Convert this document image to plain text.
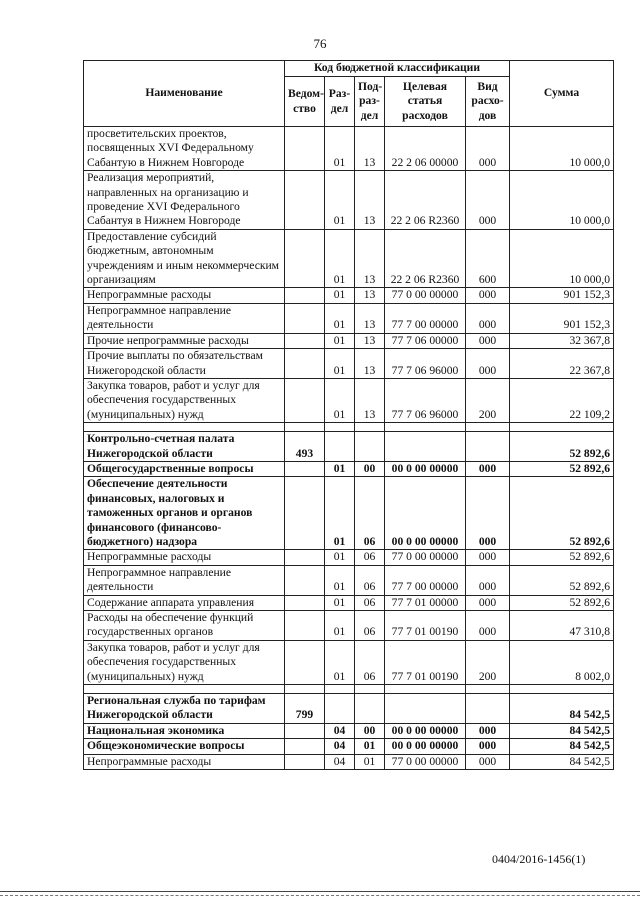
76
Наименование	Код бюджетной классификации					Сумма
	Ведом-ство	Раз-дел	Под-раз-дел	Целевая статья расходов	Вид расхо-дов	
просветительских проектов, посвященных XVI Федеральному Сабантую в Нижнем Новгороде		01	13	22 2 06 00000	000	10 000,0
Реализация мероприятий, направленных на организацию и проведение XVI Федерального Сабантуя в Нижнем Новгороде		01	13	22 2 06 R2360	000	10 000,0
Предоставление субсидий бюджетным, автономным учреждениям и иным некоммерческим организациям		01	13	22 2 06 R2360	600	10 000,0
Непрограммные расходы		01	13	77 0 00 00000	000	901 152,3
Непрограммное направление деятельности		01	13	77 7 00 00000	000	901 152,3
Прочие непрограммные расходы		01	13	77 7 06 00000	000	32 367,8
Прочие выплаты по обязательствам Нижегородской области		01	13	77 7 06 96000	000	22 367,8
Закупка товаров, работ и услуг для обеспечения государственных (муниципальных) нужд		01	13	77 7 06 96000	200	22 109,2

Контрольно-счетная палата Нижегородской области	493					52 892,6
Общегосударственные вопросы		01	00	00 0 00 00000	000	52 892,6
Обеспечение деятельности финансовых, налоговых и таможенных органов и органов финансового (финансово-бюджетного) надзора		01	06	00 0 00 00000	000	52 892,6
Непрограммные расходы		01	06	77 0 00 00000	000	52 892,6
Непрограммное направление деятельности		01	06	77 7 00 00000	000	52 892,6
Содержание аппарата управления		01	06	77 7 01 00000	000	52 892,6
Расходы на обеспечение функций государственных органов		01	06	77 7 01 00190	000	47 310,8
Закупка товаров, работ и услуг для обеспечения государственных (муниципальных) нужд		01	06	77 7 01 00190	200	8 002,0

Региональная служба по тарифам Нижегородской области	799					84 542,5
Национальная экономика		04	00	00 0 00 00000	000	84 542,5
Общеэкономические вопросы		04	01	00 0 00 00000	000	84 542,5
Непрограммные расходы		04	01	77 0 00 00000	000	84 542,5
0404/2016-1456(1)
